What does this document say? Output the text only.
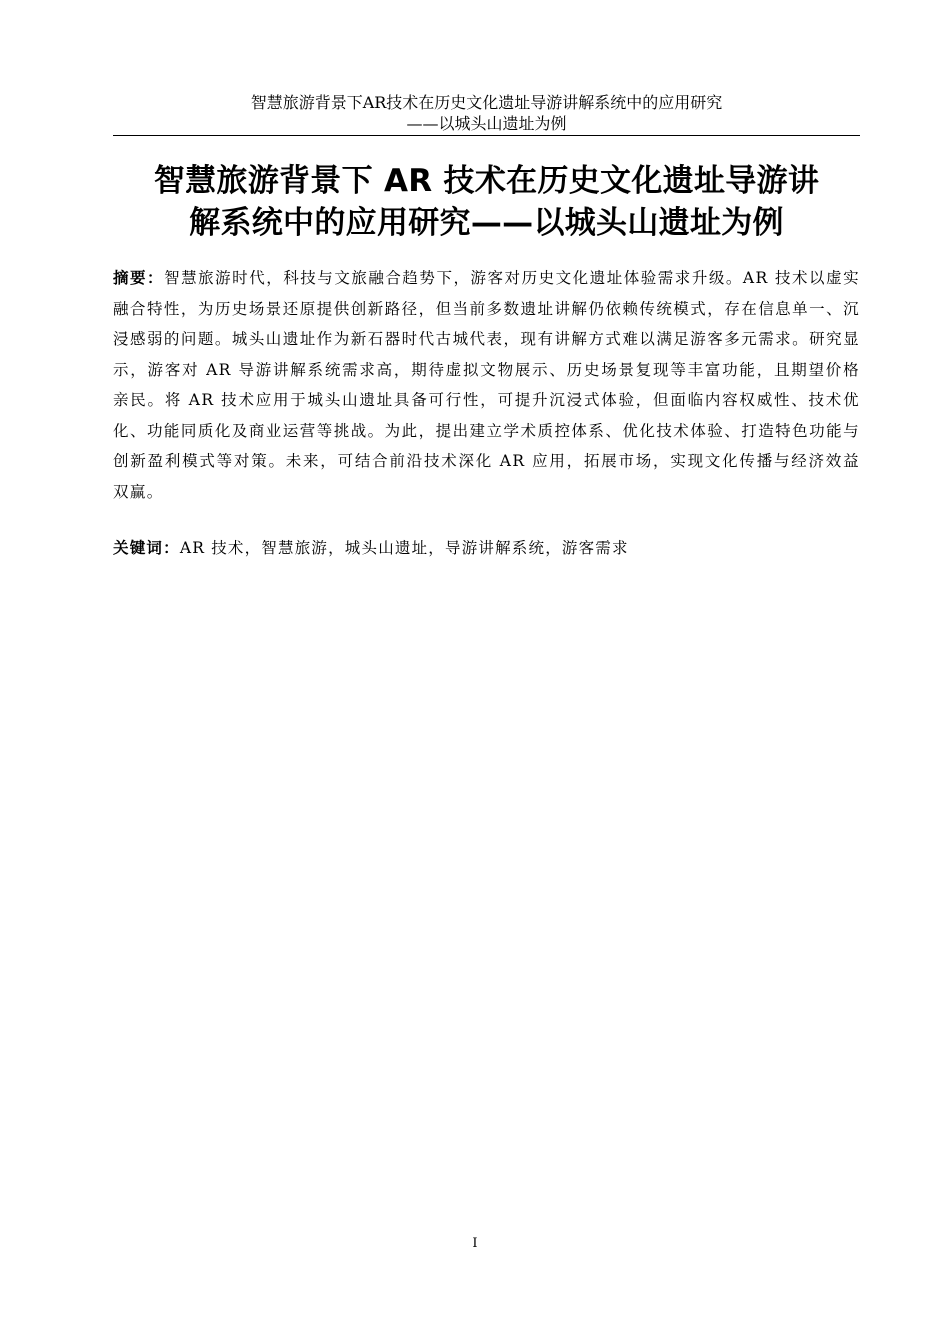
智慧旅游背景下AR技术在历史文化遗址导游讲解系统中的应用研究
——以城头山遗址为例
智慧旅游背景下 AR 技术在历史文化遗址导游讲
解系统中的应用研究——以城头山遗址为例

摘要：智慧旅游时代，科技与文旅融合趋势下，游客对历史文化遗址体验需求升级。AR 技术以虚实融合特性，为历史场景还原提供创新路径，但当前多数遗址讲解仍依赖传统模式，存在信息单一、沉浸感弱的问题。城头山遗址作为新石器时代古城代表，现有讲解方式难以满足游客多元需求。研究显示，游客对 AR 导游讲解系统需求高，期待虚拟文物展示、历史场景复现等丰富功能，且期望价格亲民。将 AR 技术应用于城头山遗址具备可行性，可提升沉浸式体验，但面临内容权威性、技术优化、功能同质化及商业运营等挑战。为此，提出建立学术质控体系、优化技术体验、打造特色功能与创新盈利模式等对策。未来，可结合前沿技术深化 AR 应用，拓展市场，实现文化传播与经济效益双赢。

关键词：AR 技术，智慧旅游，城头山遗址，导游讲解系统，游客需求

I
